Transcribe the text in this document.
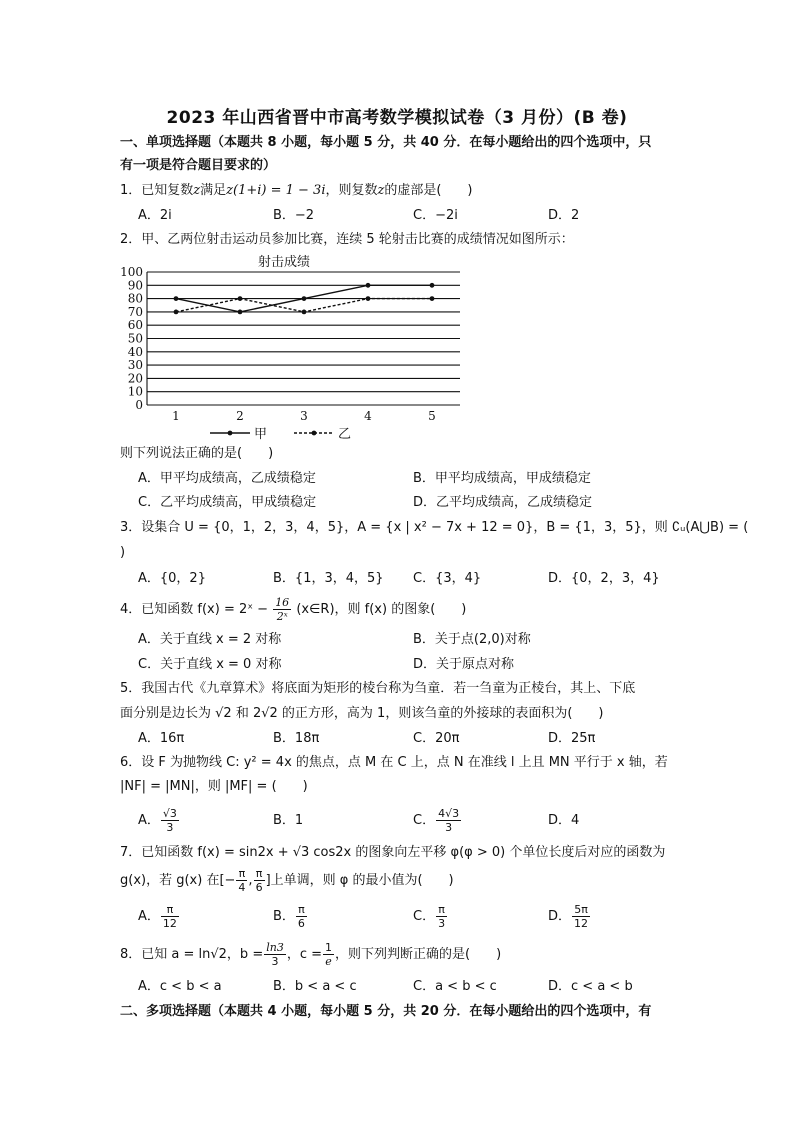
2023 年山西省晋中市高考数学模拟试卷（3 月份）(B 卷)
一、单项选择题（本题共 8 小题，每小题 5 分，共 40 分．在每小题给出的四个选项中，只
有一项是符合题目要求的）
1．已知复数z满足z(1+i) = 1 − 3i，则复数z的虚部是(　　)
A．2i	B．−2	C．−2i	D．2
2．甲、乙两位射击运动员参加比赛，连续 5 轮射击比赛的成绩情况如图所示：
射击成绩
0
10
20
30
40
50
60
70
80
90
100
1	2	3	4	5
甲	乙
则下列说法正确的是(　　)
A．甲平均成绩高，乙成绩稳定	B．甲平均成绩高，甲成绩稳定
C．乙平均成绩高，甲成绩稳定	D．乙平均成绩高，乙成绩稳定
3．设集合 U = {0，1，2，3，4，5}，A = {x | x² − 7x + 12 = 0}，B = {1，3，5}，则 ∁ᵤ(A⋃B) = (
)
A．{0，2}	B．{1，3，4，5} C．{3，4}	D．{0，2，3，4}
4．已知函数 f(x) = 2ˣ − $\frac{16}{\text{2ˣ}}$ (x∈R)，则 f(x) 的图象(　　)
A．关于直线 x = 2 对称	B．关于点(2,0)对称
C．关于直线 x = 0 对称	D．关于原点对称
5．我国古代《九章算术》将底面为矩形的棱台称为刍童．若一刍童为正棱台，其上、下底
面分别是边长为 √2 和 2√2 的正方形，高为 1，则该刍童的外接球的表面积为(　　)
A．16π	B．18π	C．20π	D．25π
6．设 F 为抛物线 C: y² = 4x 的焦点，点 M 在 C 上，点 N 在准线 l 上且 MN 平行于 x 轴，若
|NF| = |MN|，则 |MF| = (　　)
A． $\frac{√3}{3}$	B．1	C． $\frac{4√3}{3}$	D．4
7．已知函数 f(x) = sin2x + √3 cos2x 的图象向左平移 φ(φ > 0) 个单位长度后对应的函数为
g(x)，若 g(x) 在[− $\frac{\pi}{4}$ , $\frac{\pi}{6}$ ]上单调，则 φ 的最小值为(　　)
A． $\frac{\pi}{12}$	B． $\frac{\pi}{6}$	C． $\frac{\pi}{3}$	D． $\frac{5\pi}{12}$
8．已知 a = ln√2，$b = \frac{\ln 3}{3}$ ，$c = \frac{1}{e}$ ，则下列判断正确的是(　　)
A．c < b < a	B．b < a < c	C．a < b < c	D．c < a < b
二、多项选择题（本题共 4 小题，每小题 5 分，共 20 分．在每小题给出的四个选项中，有
